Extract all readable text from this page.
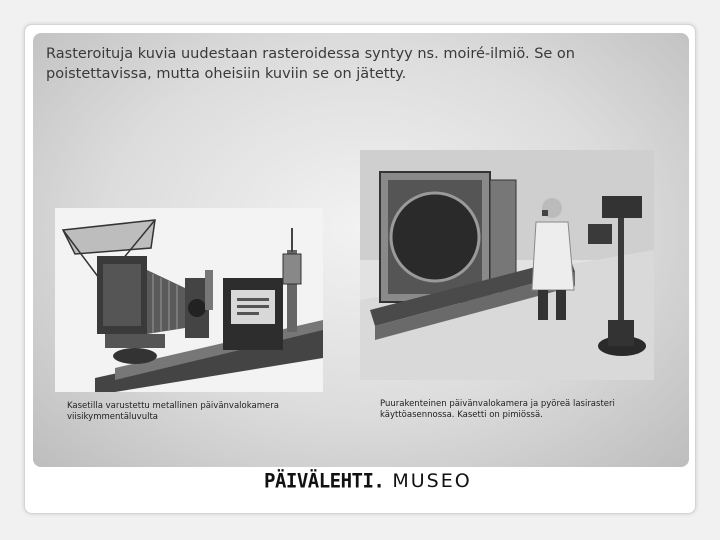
Rasteroituja kuvia uudestaan rasteroidessa syntyy ns. moiré-ilmiö. Se on poistettavissa, mutta oheisiin kuviin se on jätetty.

Kasetilla varustettu metallinen päivänvalokamera viisikymmentäluvulta

Puurakenteinen päivänvalokamera ja pyöreä lasirasteri käyttöasennossa. Kasetti on pimiössä.

PÄIVÄLEHTI. MUSEO
